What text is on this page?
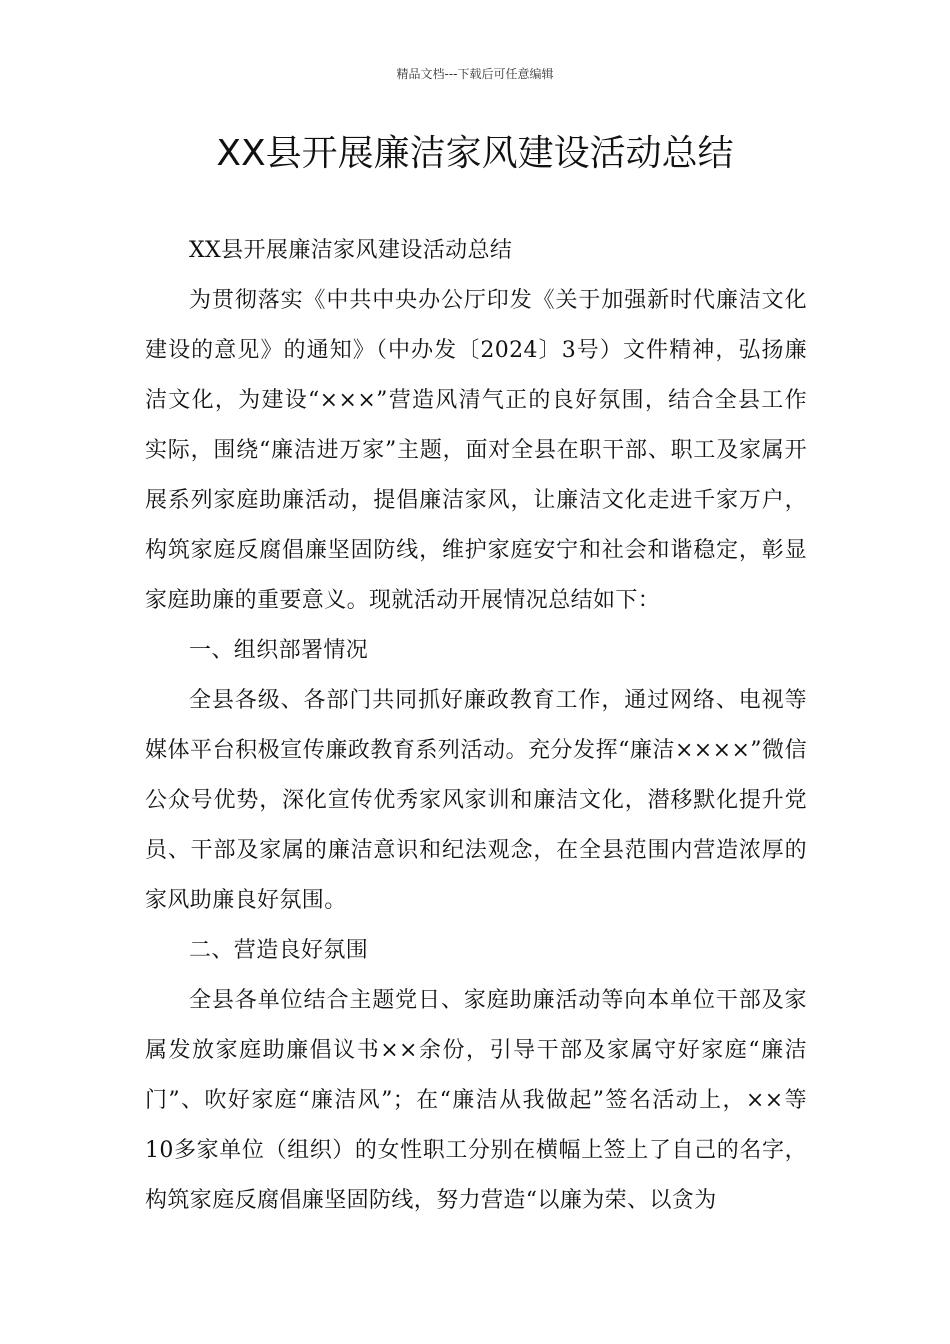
精品文档---下载后可任意编辑
XX县开展廉洁家风建设活动总结

XX县开展廉洁家风建设活动总结

为贯彻落实《中共中央办公厅印发《关于加强新时代廉洁文化建设的意见》的通知》（中办发〔2024〕3号）文件精神，弘扬廉洁文化，为建设“×××”营造风清气正的良好氛围，结合全县工作实际，围绕“廉洁进万家”主题，面对全县在职干部、职工及家属开展系列家庭助廉活动，提倡廉洁家风，让廉洁文化走进千家万户，构筑家庭反腐倡廉坚固防线，维护家庭安宁和社会和谐稳定，彰显家庭助廉的重要意义。现就活动开展情况总结如下：

一、组织部署情况

全县各级、各部门共同抓好廉政教育工作，通过网络、电视等媒体平台积极宣传廉政教育系列活动。充分发挥“廉洁××××”微信公众号优势，深化宣传优秀家风家训和廉洁文化，潜移默化提升党员、干部及家属的廉洁意识和纪法观念，在全县范围内营造浓厚的家风助廉良好氛围。

二、营造良好氛围

全县各单位结合主题党日、家庭助廉活动等向本单位干部及家属发放家庭助廉倡议书××余份，引导干部及家属守好家庭“廉洁门”、吹好家庭“廉洁风”；在“廉洁从我做起”签名活动上，××等10多家单位（组织）的女性职工分别在横幅上签上了自己的名字，构筑家庭反腐倡廉坚固防线，努力营造“以廉为荣、以贪为
